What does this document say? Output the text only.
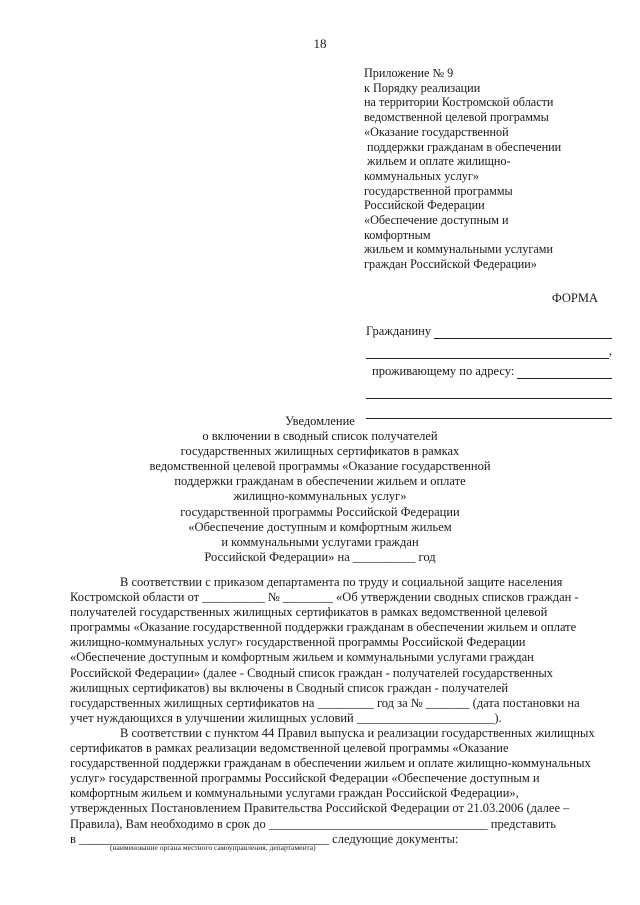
18
Приложение № 9
к Порядку реализации
на территории Костромской области
ведомственной целевой программы
«Оказание государственной
поддержки гражданам в обеспечении
жильем и оплате жилищно-
коммунальных услуг»
государственной программы
Российской Федерации
«Обеспечение доступным и
комфортным
жильем и коммунальными услугами
граждан Российской Федерации»
ФОРМА
Гражданину
,
проживающему по адресу:
Уведомление
о включении в сводный список получателей
государственных жилищных сертификатов в рамках
ведомственной целевой программы «Оказание государственной
поддержки гражданам в обеспечении жильем и оплате
жилищно-коммунальных услуг»
государственной программы Российской Федерации
«Обеспечение доступным и комфортным жильем
и коммунальными услугами граждан
Российской Федерации» на __________ год
В соответствии с приказом департамента по труду и социальной защите населения
Костромской области от __________ № ________ «Об утверждении сводных списков граждан -
получателей государственных жилищных сертификатов в рамках ведомственной целевой
программы «Оказание государственной поддержки гражданам в обеспечении жильем и оплате
жилищно-коммунальных услуг» государственной программы Российской Федерации
«Обеспечение доступным и комфортным жильем и коммунальными услугами граждан
Российской Федерации» (далее - Сводный список граждан - получателей государственных
жилищных сертификатов) вы включены в Сводный список граждан - получателей
государственных жилищных сертификатов на _________ год за № _______ (дата постановки на
учет нуждающихся в улучшении жилищных условий ______________________).
В соответствии с пунктом 44 Правил выпуска и реализации государственных жилищных
сертификатов в рамках реализации ведомственной целевой программы «Оказание
государственной поддержки гражданам в обеспечении жильем и оплате жилищно-коммунальных
услуг» государственной программы Российской Федерации «Обеспечение доступным и
комфортным жильем и коммунальными услугами граждан Российской Федерации»,
утвержденных Постановлением Правительства Российской Федерации от 21.03.2006 (далее –
Правила), Вам необходимо в срок до ___________________________________ представить
в ________________________________________ следующие документы:
(наименование органа местного самоуправления, департамента)
